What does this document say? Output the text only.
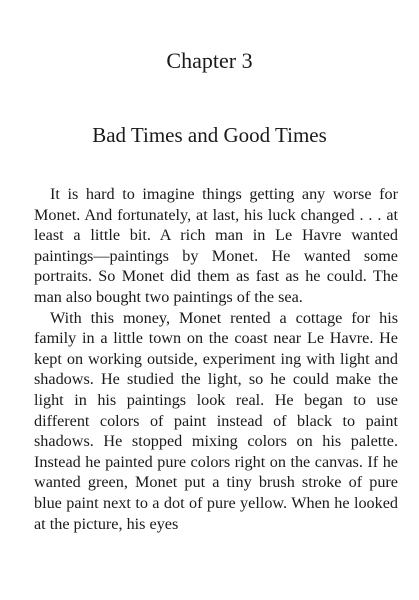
Chapter 3
Bad Times and Good Times

It is hard to imagine things getting any worse for Monet. And fortunately, at last, his luck changed . . . at least a little bit. A rich man in Le Havre wanted paintings—paintings by Monet. He wanted some portraits. So Monet did them as fast as he could. The man also bought two paintings of the sea.

With this money, Monet rented a cottage for his family in a little town on the coast near Le Havre. He kept on working outside, experiment ing with light and shadows. He studied the light, so he could make the light in his paintings look real. He began to use different colors of paint instead of black to paint shadows. He stopped mixing colors on his palette. Instead he painted pure colors right on the canvas. If he wanted green, Monet put a tiny brush stroke of pure blue paint next to a dot of pure yellow. When he looked at the picture, his eyes
